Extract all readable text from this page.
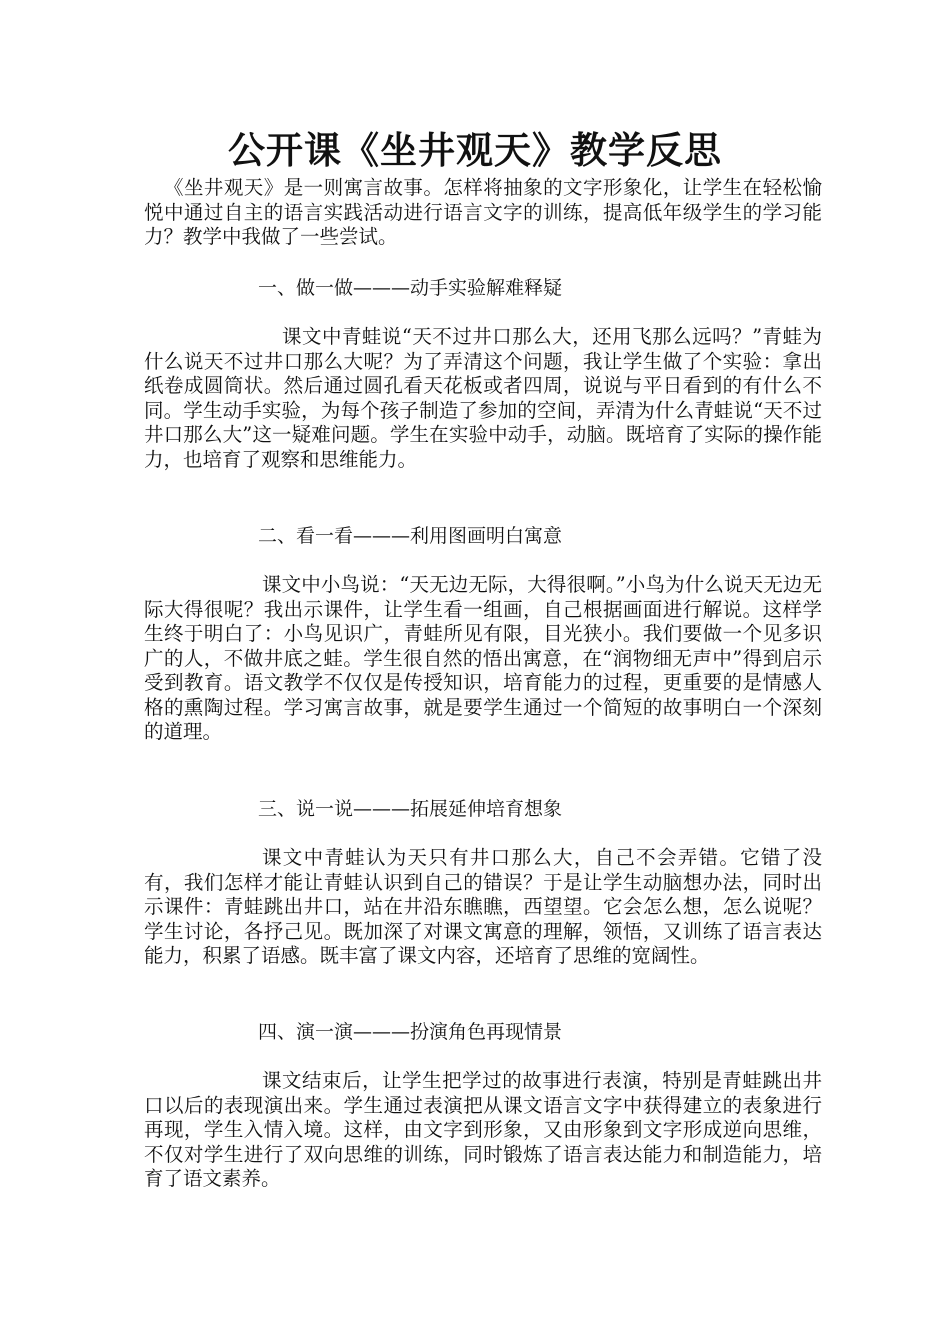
公开课《坐井观天》教学反思

《坐井观天》是一则寓言故事。怎样将抽象的文字形象化，让学生在轻松愉悦中通过自主的语言实践活动进行语言文字的训练，提高低年级学生的学习能力？教学中我做了一些尝试。

一、做一做———动手实验解难释疑

课文中青蛙说“天不过井口那么大，还用飞那么远吗？”青蛙为什么说天不过井口那么大呢？为了弄清这个问题，我让学生做了个实验：拿出纸卷成圆筒状。然后通过圆孔看天花板或者四周，说说与平日看到的有什么不同。学生动手实验，为每个孩子制造了参加的空间，弄清为什么青蛙说“天不过井口那么大”这一疑难问题。学生在实验中动手，动脑。既培育了实际的操作能力，也培育了观察和思维能力。

二、看一看———利用图画明白寓意

课文中小鸟说：“天无边无际，大得很啊。”小鸟为什么说天无边无际大得很呢？我出示课件，让学生看一组画，自己根据画面进行解说。这样学生终于明白了：小鸟见识广，青蛙所见有限，目光狭小。我们要做一个见多识广的人，不做井底之蛙。学生很自然的悟出寓意，在“润物细无声中”得到启示受到教育。语文教学不仅仅是传授知识，培育能力的过程，更重要的是情感人格的熏陶过程。学习寓言故事，就是要学生通过一个简短的故事明白一个深刻的道理。

三、说一说———拓展延伸培育想象

课文中青蛙认为天只有井口那么大，自己不会弄错。它错了没有，我们怎样才能让青蛙认识到自己的错误？于是让学生动脑想办法，同时出示课件：青蛙跳出井口，站在井沿东瞧瞧，西望望。它会怎么想，怎么说呢？学生讨论，各抒己见。既加深了对课文寓意的理解，领悟，又训练了语言表达能力，积累了语感。既丰富了课文内容，还培育了思维的宽阔性。

四、演一演———扮演角色再现情景

课文结束后，让学生把学过的故事进行表演，特别是青蛙跳出井口以后的表现演出来。学生通过表演把从课文语言文字中获得建立的表象进行再现，学生入情入境。这样，由文字到形象，又由形象到文字形成逆向思维，不仅对学生进行了双向思维的训练，同时锻炼了语言表达能力和制造能力，培育了语文素养。
